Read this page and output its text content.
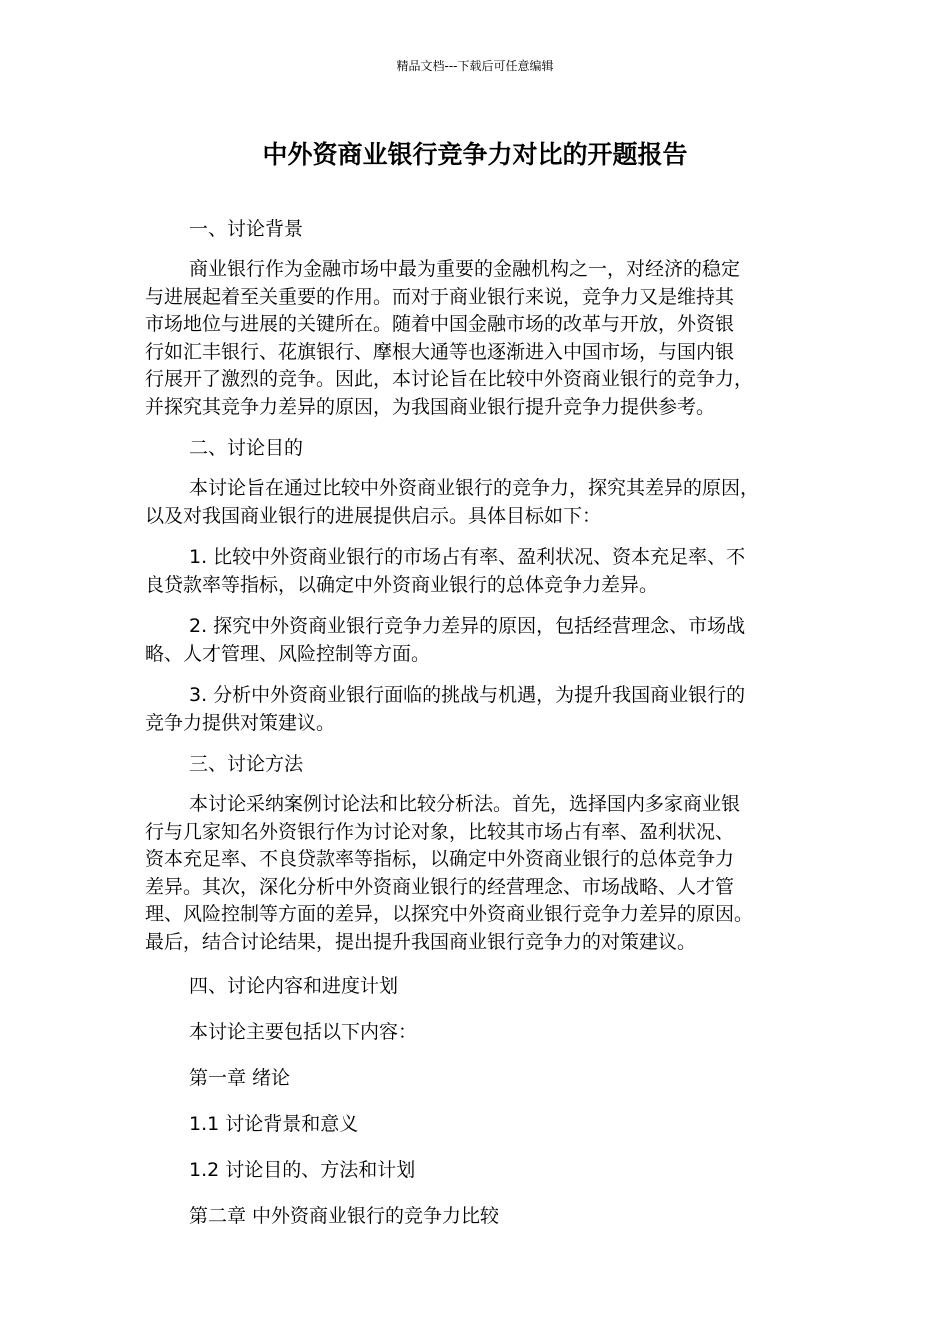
精品文档---下载后可任意编辑
中外资商业银行竞争力对比的开题报告

一、讨论背景

商业银行作为金融市场中最为重要的金融机构之一，对经济的稳定
与进展起着至关重要的作用。而对于商业银行来说，竞争力又是维持其
市场地位与进展的关键所在。随着中国金融市场的改革与开放，外资银
行如汇丰银行、花旗银行、摩根大通等也逐渐进入中国市场，与国内银
行展开了激烈的竞争。因此，本讨论旨在比较中外资商业银行的竞争力，
并探究其竞争力差异的原因，为我国商业银行提升竞争力提供参考。

二、讨论目的

本讨论旨在通过比较中外资商业银行的竞争力，探究其差异的原因，
以及对我国商业银行的进展提供启示。具体目标如下：

1. 比较中外资商业银行的市场占有率、盈利状况、资本充足率、不
良贷款率等指标，以确定中外资商业银行的总体竞争力差异。

2. 探究中外资商业银行竞争力差异的原因，包括经营理念、市场战
略、人才管理、风险控制等方面。

3. 分析中外资商业银行面临的挑战与机遇，为提升我国商业银行的
竞争力提供对策建议。

三、讨论方法

本讨论采纳案例讨论法和比较分析法。首先，选择国内多家商业银
行与几家知名外资银行作为讨论对象，比较其市场占有率、盈利状况、
资本充足率、不良贷款率等指标，以确定中外资商业银行的总体竞争力
差异。其次，深化分析中外资商业银行的经营理念、市场战略、人才管
理、风险控制等方面的差异，以探究中外资商业银行竞争力差异的原因。
最后，结合讨论结果，提出提升我国商业银行竞争力的对策建议。

四、讨论内容和进度计划

本讨论主要包括以下内容：

第一章 绪论

1.1 讨论背景和意义

1.2 讨论目的、方法和计划

第二章 中外资商业银行的竞争力比较
